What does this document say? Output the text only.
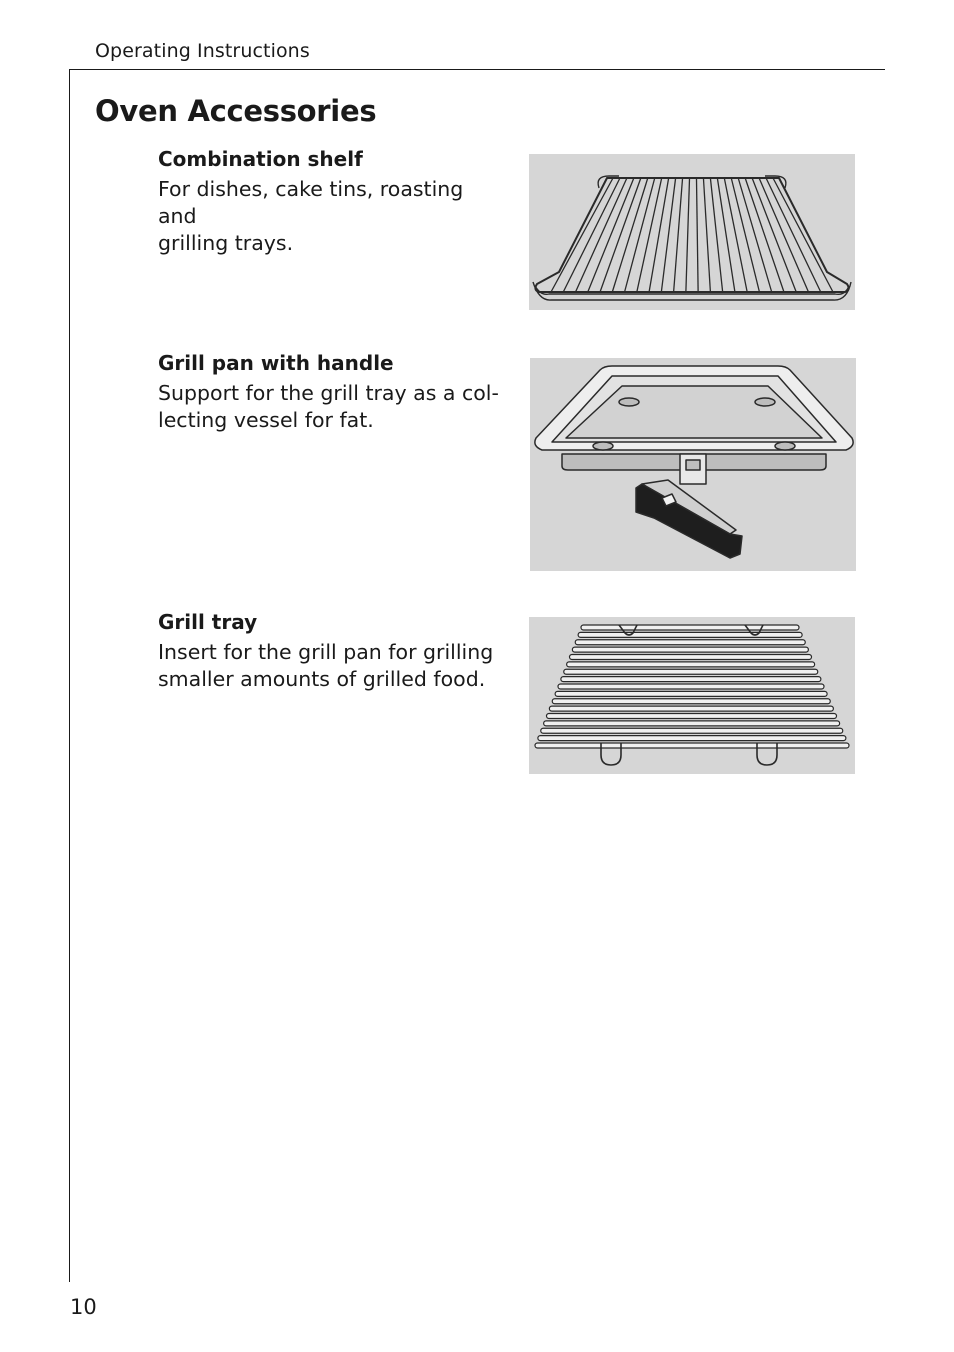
Operating Instructions
Oven Accessories
Combination shelf

For dishes, cake tins, roasting and
grilling trays.

Grill pan with handle

Support for the grill tray as a col-
lecting vessel for fat.

Grill tray

Insert for the grill pan for grilling
smaller amounts of grilled food.

10
